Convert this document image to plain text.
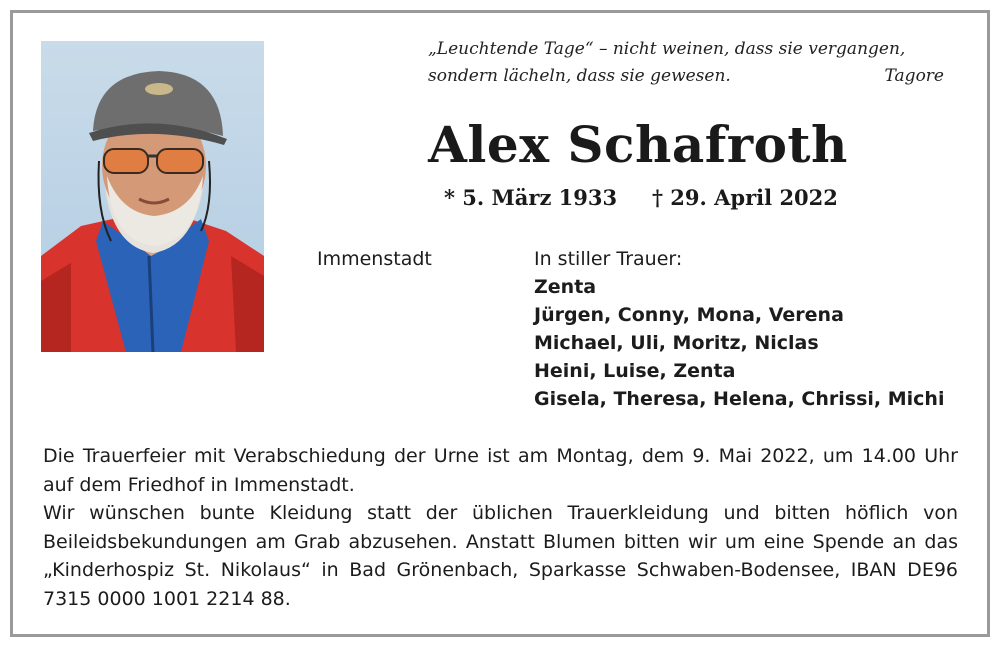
„Leuchtende Tage“ – nicht weinen, dass sie vergangen,
sondern lächeln, dass sie gewesen.	Tagore
Alex Schafroth
* 5. März 1933 † 29. April 2022
Immenstadt	In stiller Trauer:
Zenta
Jürgen, Conny, Mona, Verena
Michael, Uli, Moritz, Niclas
Heini, Luise, Zenta
Gisela, Theresa, Helena, Chrissi, Michi

Die Trauerfeier mit Verabschiedung der Urne ist am Montag, dem 9. Mai 2022, um 14.00 Uhr auf dem Friedhof in Immenstadt.

Wir wünschen bunte Kleidung statt der üblichen Trauerkleidung und bitten höflich von Beileidsbekundungen am Grab abzusehen. Anstatt Blumen bitten wir um eine Spende an das „Kinderhospiz St. Nikolaus“ in Bad Grönenbach, Sparkasse Schwaben-Bodensee, IBAN DE96 7315 0000 1001 2214 88.
